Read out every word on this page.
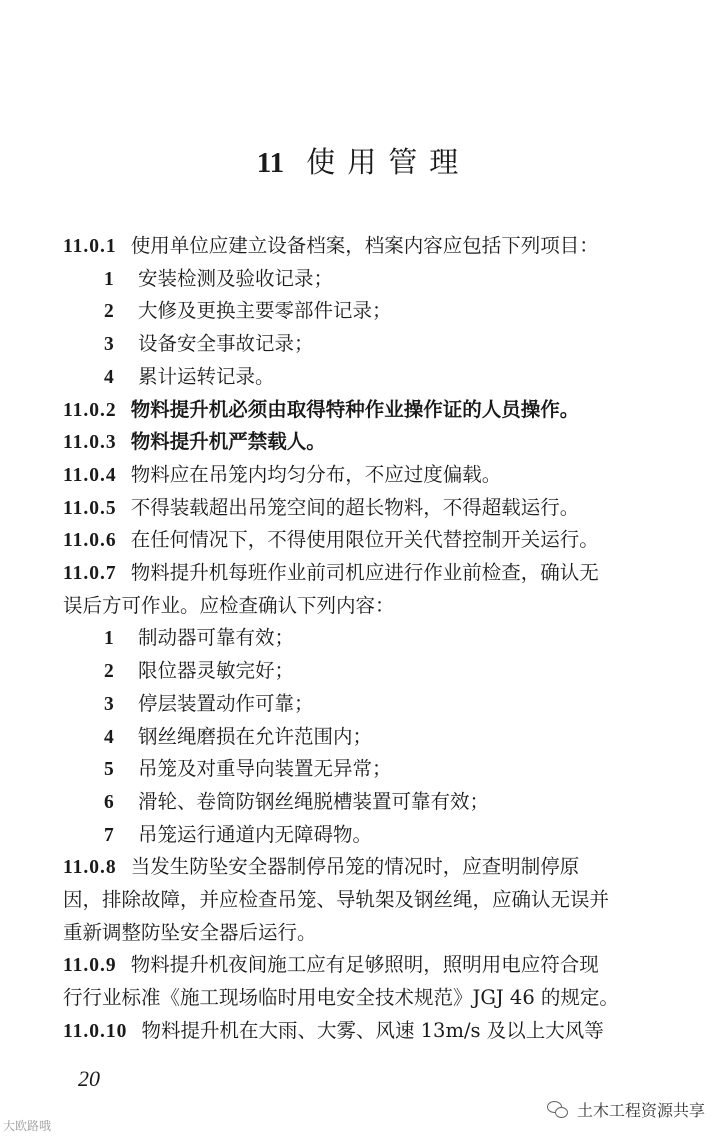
11 使用管理
11.0.1 使用单位应建立设备档案，档案内容应包括下列项目：
1 安装检测及验收记录；
2 大修及更换主要零部件记录；
3 设备安全事故记录；
4 累计运转记录。
11.0.2 物料提升机必须由取得特种作业操作证的人员操作。
11.0.3 物料提升机严禁载人。
11.0.4 物料应在吊笼内均匀分布，不应过度偏载。
11.0.5 不得装载超出吊笼空间的超长物料，不得超载运行。
11.0.6 在任何情况下，不得使用限位开关代替控制开关运行。
11.0.7 物料提升机每班作业前司机应进行作业前检查，确认无
误后方可作业。应检查确认下列内容：
1 制动器可靠有效；
2 限位器灵敏完好；
3 停层装置动作可靠；
4 钢丝绳磨损在允许范围内；
5 吊笼及对重导向装置无异常；
6 滑轮、卷筒防钢丝绳脱槽装置可靠有效；
7 吊笼运行通道内无障碍物。
11.0.8 当发生防坠安全器制停吊笼的情况时，应查明制停原
因，排除故障，并应检查吊笼、导轨架及钢丝绳，应确认无误并
重新调整防坠安全器后运行。
11.0.9 物料提升机夜间施工应有足够照明，照明用电应符合现
行行业标准《施工现场临时用电安全技术规范》JGJ 46 的规定。
11.0.10 物料提升机在大雨、大雾、风速 13m/s 及以上大风等
20
大欧路哦
土木工程资源共享
